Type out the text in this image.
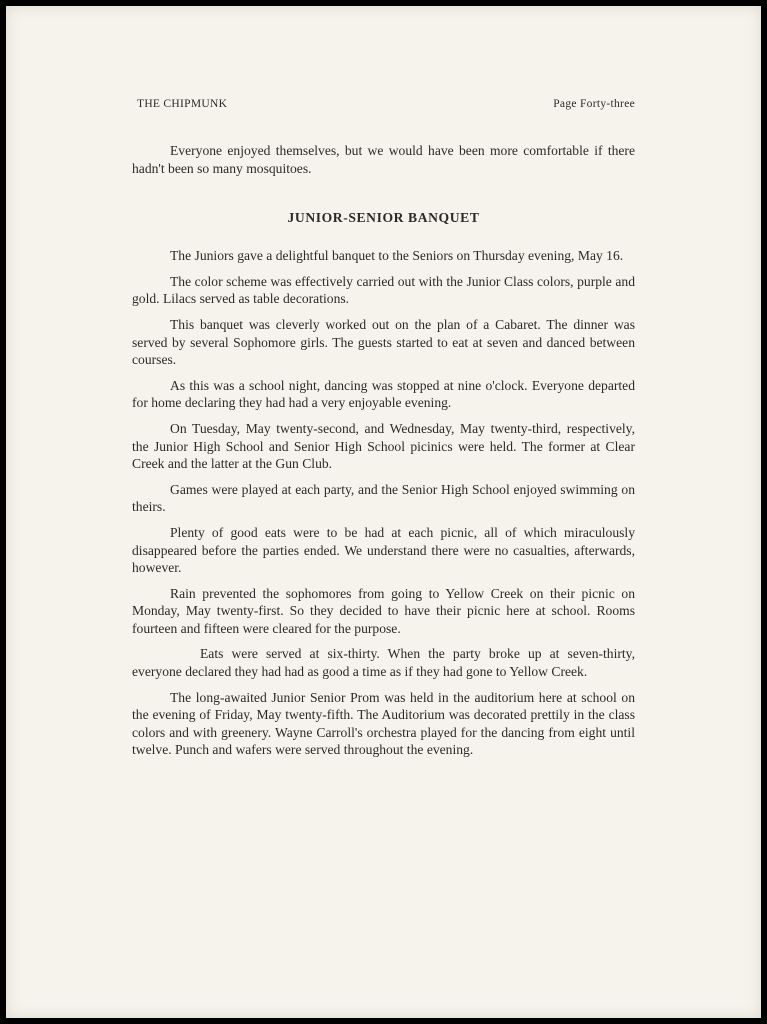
THE CHIPMUNK	Page Forty-three

Everyone enjoyed themselves, but we would have been more comfortable if there hadn't been so many mosquitoes.

JUNIOR-SENIOR BANQUET

The Juniors gave a delightful banquet to the Seniors on Thursday evening, May 16.

The color scheme was effectively carried out with the Junior Class colors, purple and gold. Lilacs served as table decorations.

This banquet was cleverly worked out on the plan of a Cabaret. The dinner was served by several Sophomore girls. The guests started to eat at seven and danced between courses.

As this was a school night, dancing was stopped at nine o'clock. Everyone departed for home declaring they had had a very enjoyable evening.

On Tuesday, May twenty-second, and Wednesday, May twenty-third, respectively, the Junior High School and Senior High School picinics were held. The former at Clear Creek and the latter at the Gun Club.

Games were played at each party, and the Senior High School enjoyed swimming on theirs.

Plenty of good eats were to be had at each picnic, all of which miraculously disappeared before the parties ended. We understand there were no casualties, afterwards, however.

Rain prevented the sophomores from going to Yellow Creek on their picnic on Monday, May twenty-first. So they decided to have their picnic here at school. Rooms fourteen and fifteen were cleared for the purpose.

Eats were served at six-thirty. When the party broke up at seven-thirty, everyone declared they had had as good a time as if they had gone to Yellow Creek.

The long-awaited Junior Senior Prom was held in the auditorium here at school on the evening of Friday, May twenty-fifth. The Auditorium was decorated prettily in the class colors and with greenery. Wayne Carroll's orchestra played for the dancing from eight until twelve. Punch and wafers were served throughout the evening.
